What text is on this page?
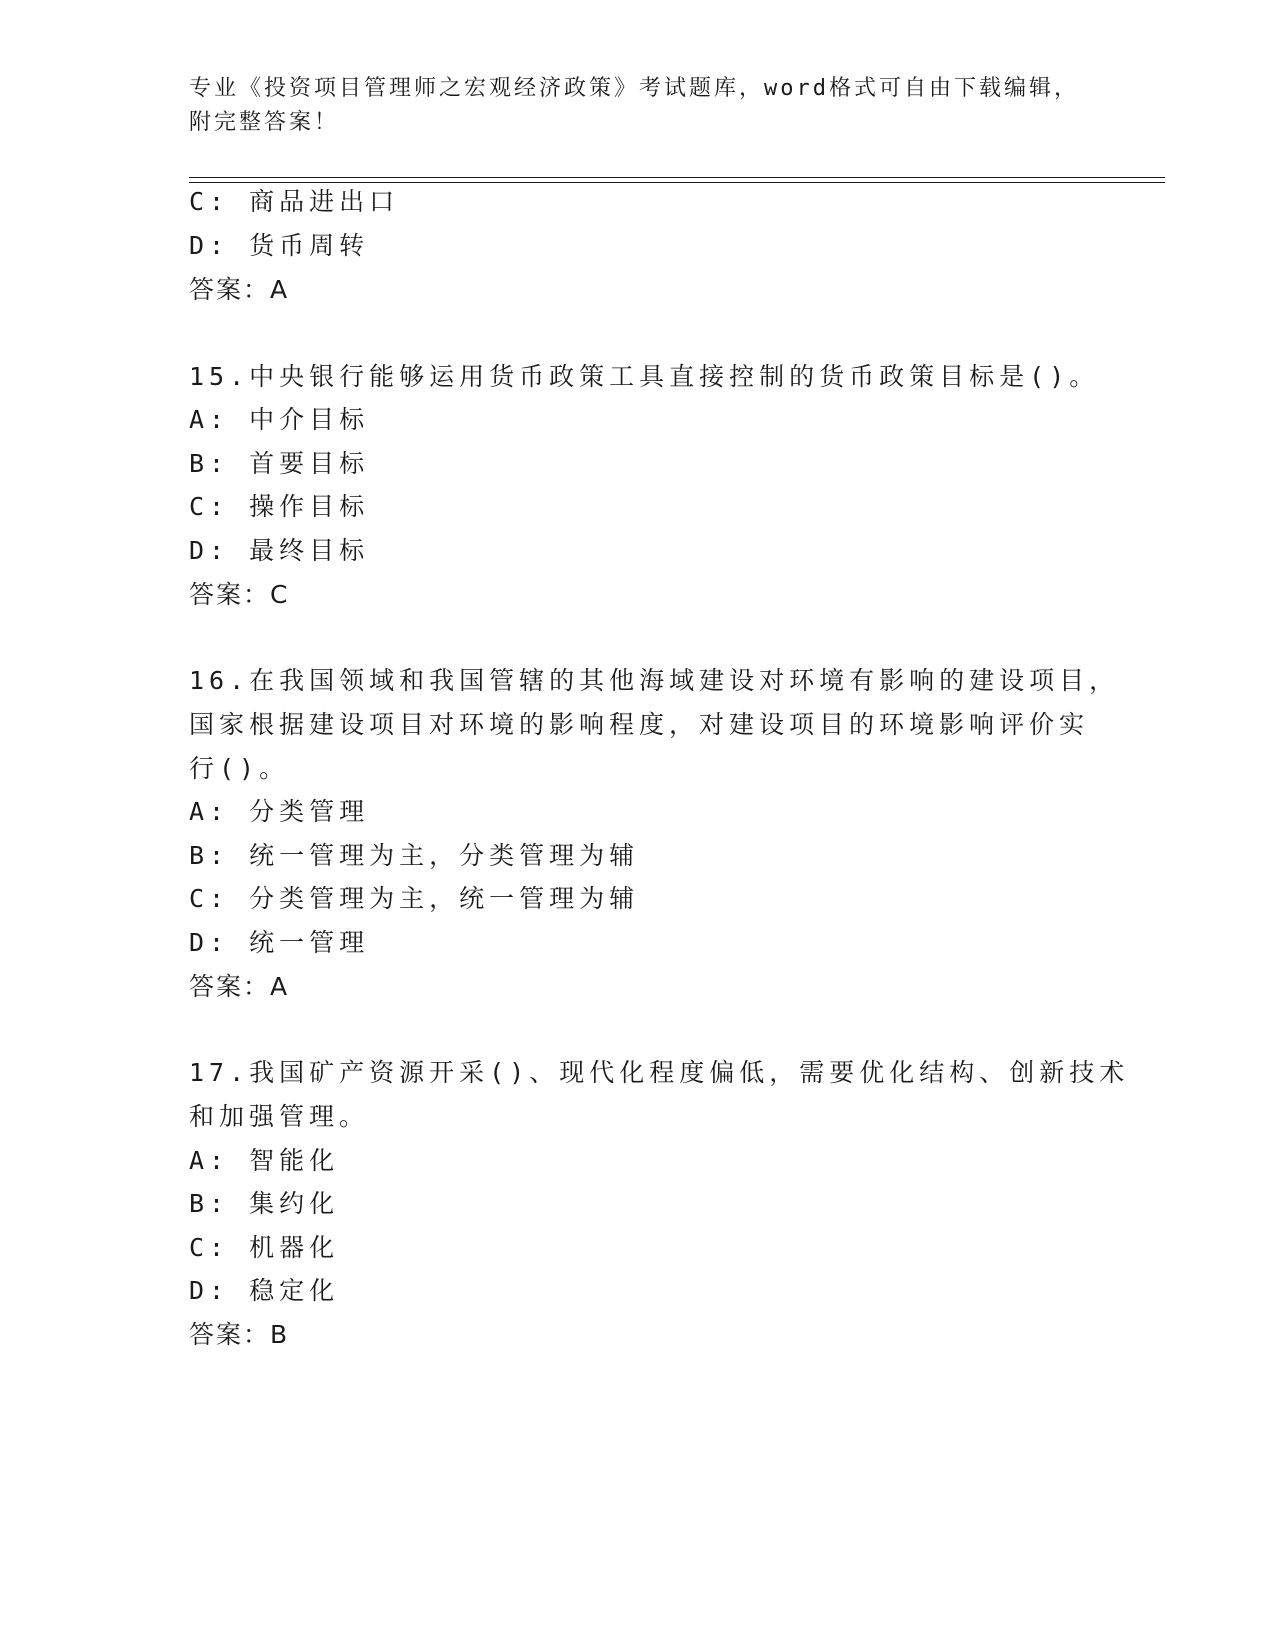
专业《投资项目管理师之宏观经济政策》考试题库，word格式可自由下载编辑，
附完整答案！
C: 商品进出口
D: 货币周转
答案：A
15.中央银行能够运用货币政策工具直接控制的货币政策目标是()。
A: 中介目标
B: 首要目标
C: 操作目标
D: 最终目标
答案：C
16.在我国领域和我国管辖的其他海域建设对环境有影响的建设项目，
国家根据建设项目对环境的影响程度，对建设项目的环境影响评价实
行()。
A: 分类管理
B: 统一管理为主，分类管理为辅
C: 分类管理为主，统一管理为辅
D: 统一管理
答案：A
17.我国矿产资源开采()、现代化程度偏低，需要优化结构、创新技术
和加强管理。
A: 智能化
B: 集约化
C: 机器化
D: 稳定化
答案：B
